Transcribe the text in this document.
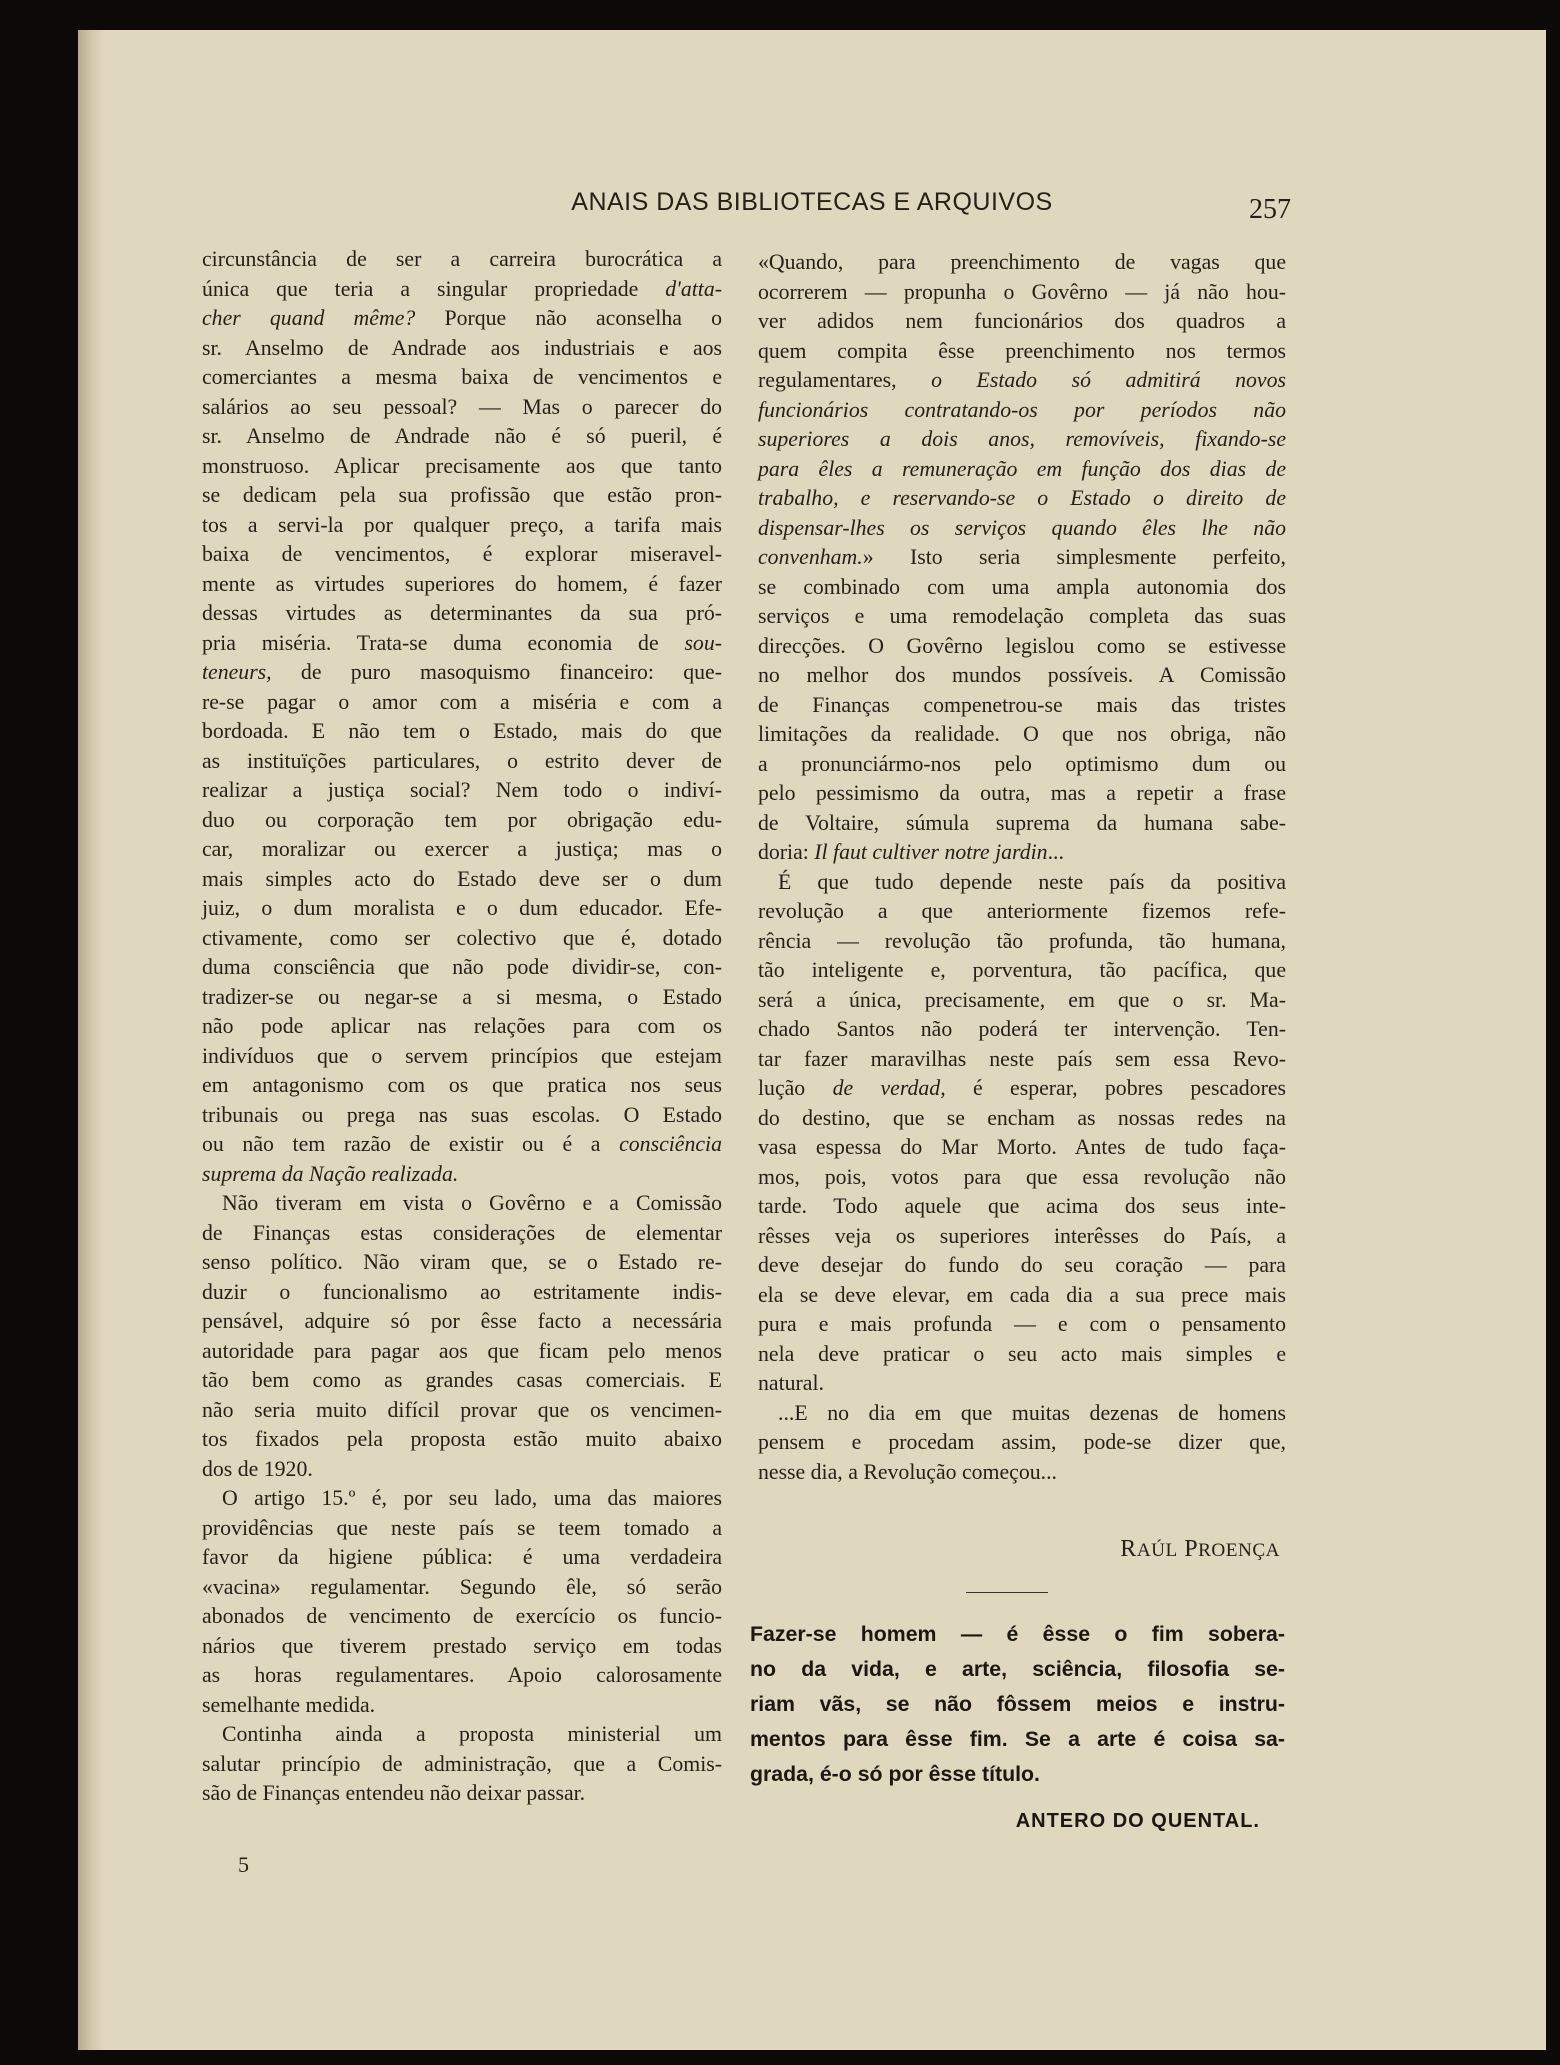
ANAIS DAS BIBLIOTECAS E ARQUIVOS	257

circunstância de ser a carreira burocrática a

única que teria a singular propriedade d'atta-

cher quand même? Porque não aconselha o

sr. Anselmo de Andrade aos industriais e aos

comerciantes a mesma baixa de vencimentos e

salários ao seu pessoal? — Mas o parecer do

sr. Anselmo de Andrade não é só pueril, é

monstruoso. Aplicar precisamente aos que tanto

se dedicam pela sua profissão que estão pron-

tos a servi-la por qualquer preço, a tarifa mais

baixa de vencimentos, é explorar miseravel-

mente as virtudes superiores do homem, é fazer

dessas virtudes as determinantes da sua pró-

pria miséria. Trata-se duma economia de sou-

teneurs, de puro masoquismo financeiro: que-

re-se pagar o amor com a miséria e com a

bordoada. E não tem o Estado, mais do que

as instituïções particulares, o estrito dever de

realizar a justiça social? Nem todo o indiví-

duo ou corporação tem por obrigação edu-

car, moralizar ou exercer a justiça; mas o

mais simples acto do Estado deve ser o dum

juiz, o dum moralista e o dum educador. Efe-

ctivamente, como ser colectivo que é, dotado

duma consciência que não pode dividir-se, con-

tradizer-se ou negar-se a si mesma, o Estado

não pode aplicar nas relações para com os

indivíduos que o servem princípios que estejam

em antagonismo com os que pratica nos seus

tribunais ou prega nas suas escolas. O Estado

ou não tem razão de existir ou é a consciência

suprema da Nação realizada.

Não tiveram em vista o Govêrno e a Comissão

de Finanças estas considerações de elementar

senso político. Não viram que, se o Estado re-

duzir o funcionalismo ao estritamente indis-

pensável, adquire só por êsse facto a necessária

autoridade para pagar aos que ficam pelo menos

tão bem como as grandes casas comerciais. E

não seria muito difícil provar que os vencimen-

tos fixados pela proposta estão muito abaixo

dos de 1920.

O artigo 15.º é, por seu lado, uma das maiores

providências que neste país se teem tomado a

favor da higiene pública: é uma verdadeira

«vacina» regulamentar. Segundo êle, só serão

abonados de vencimento de exercício os funcio-

nários que tiverem prestado serviço em todas

as horas regulamentares. Apoio calorosamente

semelhante medida.

Continha ainda a proposta ministerial um

salutar princípio de administração, que a Comis-

são de Finanças entendeu não deixar passar.

«Quando, para preenchimento de vagas que

ocorrerem — propunha o Govêrno — já não hou-

ver adidos nem funcionários dos quadros a

quem compita êsse preenchimento nos termos

regulamentares, o Estado só admitirá novos

funcionários contratando-os por períodos não

superiores a dois anos, removíveis, fixando-se

para êles a remuneração em função dos dias de

trabalho, e reservando-se o Estado o direito de

dispensar-lhes os serviços quando êles lhe não

convenham.» Isto seria simplesmente perfeito,

se combinado com uma ampla autonomia dos

serviços e uma remodelação completa das suas

direcções. O Govêrno legislou como se estivesse

no melhor dos mundos possíveis. A Comissão

de Finanças compenetrou-se mais das tristes

limitações da realidade. O que nos obriga, não

a pronunciármo-nos pelo optimismo dum ou

pelo pessimismo da outra, mas a repetir a frase

de Voltaire, súmula suprema da humana sabe-

doria: Il faut cultiver notre jardin...

É que tudo depende neste país da positiva

revolução a que anteriormente fizemos refe-

rência — revolução tão profunda, tão humana,

tão inteligente e, porventura, tão pacífica, que

será a única, precisamente, em que o sr. Ma-

chado Santos não poderá ter intervenção. Ten-

tar fazer maravilhas neste país sem essa Revo-

lução de verdad, é esperar, pobres pescadores

do destino, que se encham as nossas redes na

vasa espessa do Mar Morto. Antes de tudo faça-

mos, pois, votos para que essa revolução não

tarde. Todo aquele que acima dos seus inte-

rêsses veja os superiores interêsses do País, a

deve desejar do fundo do seu coração — para

ela se deve elevar, em cada dia a sua prece mais

pura e mais profunda — e com o pensamento

nela deve praticar o seu acto mais simples e

natural.

...E no dia em que muitas dezenas de homens

pensem e procedam assim, pode-se dizer que,

nesse dia, a Revolução começou...

RAÚL PROENÇA

Fazer-se homem — é êsse o fim sobera-

no da vida, e arte, sciência, filosofia se-

riam vãs, se não fôssem meios e instru-

mentos para êsse fim. Se a arte é coisa sa-

grada, é-o só por êsse título.

ANTERO DO QUENTAL.
5
